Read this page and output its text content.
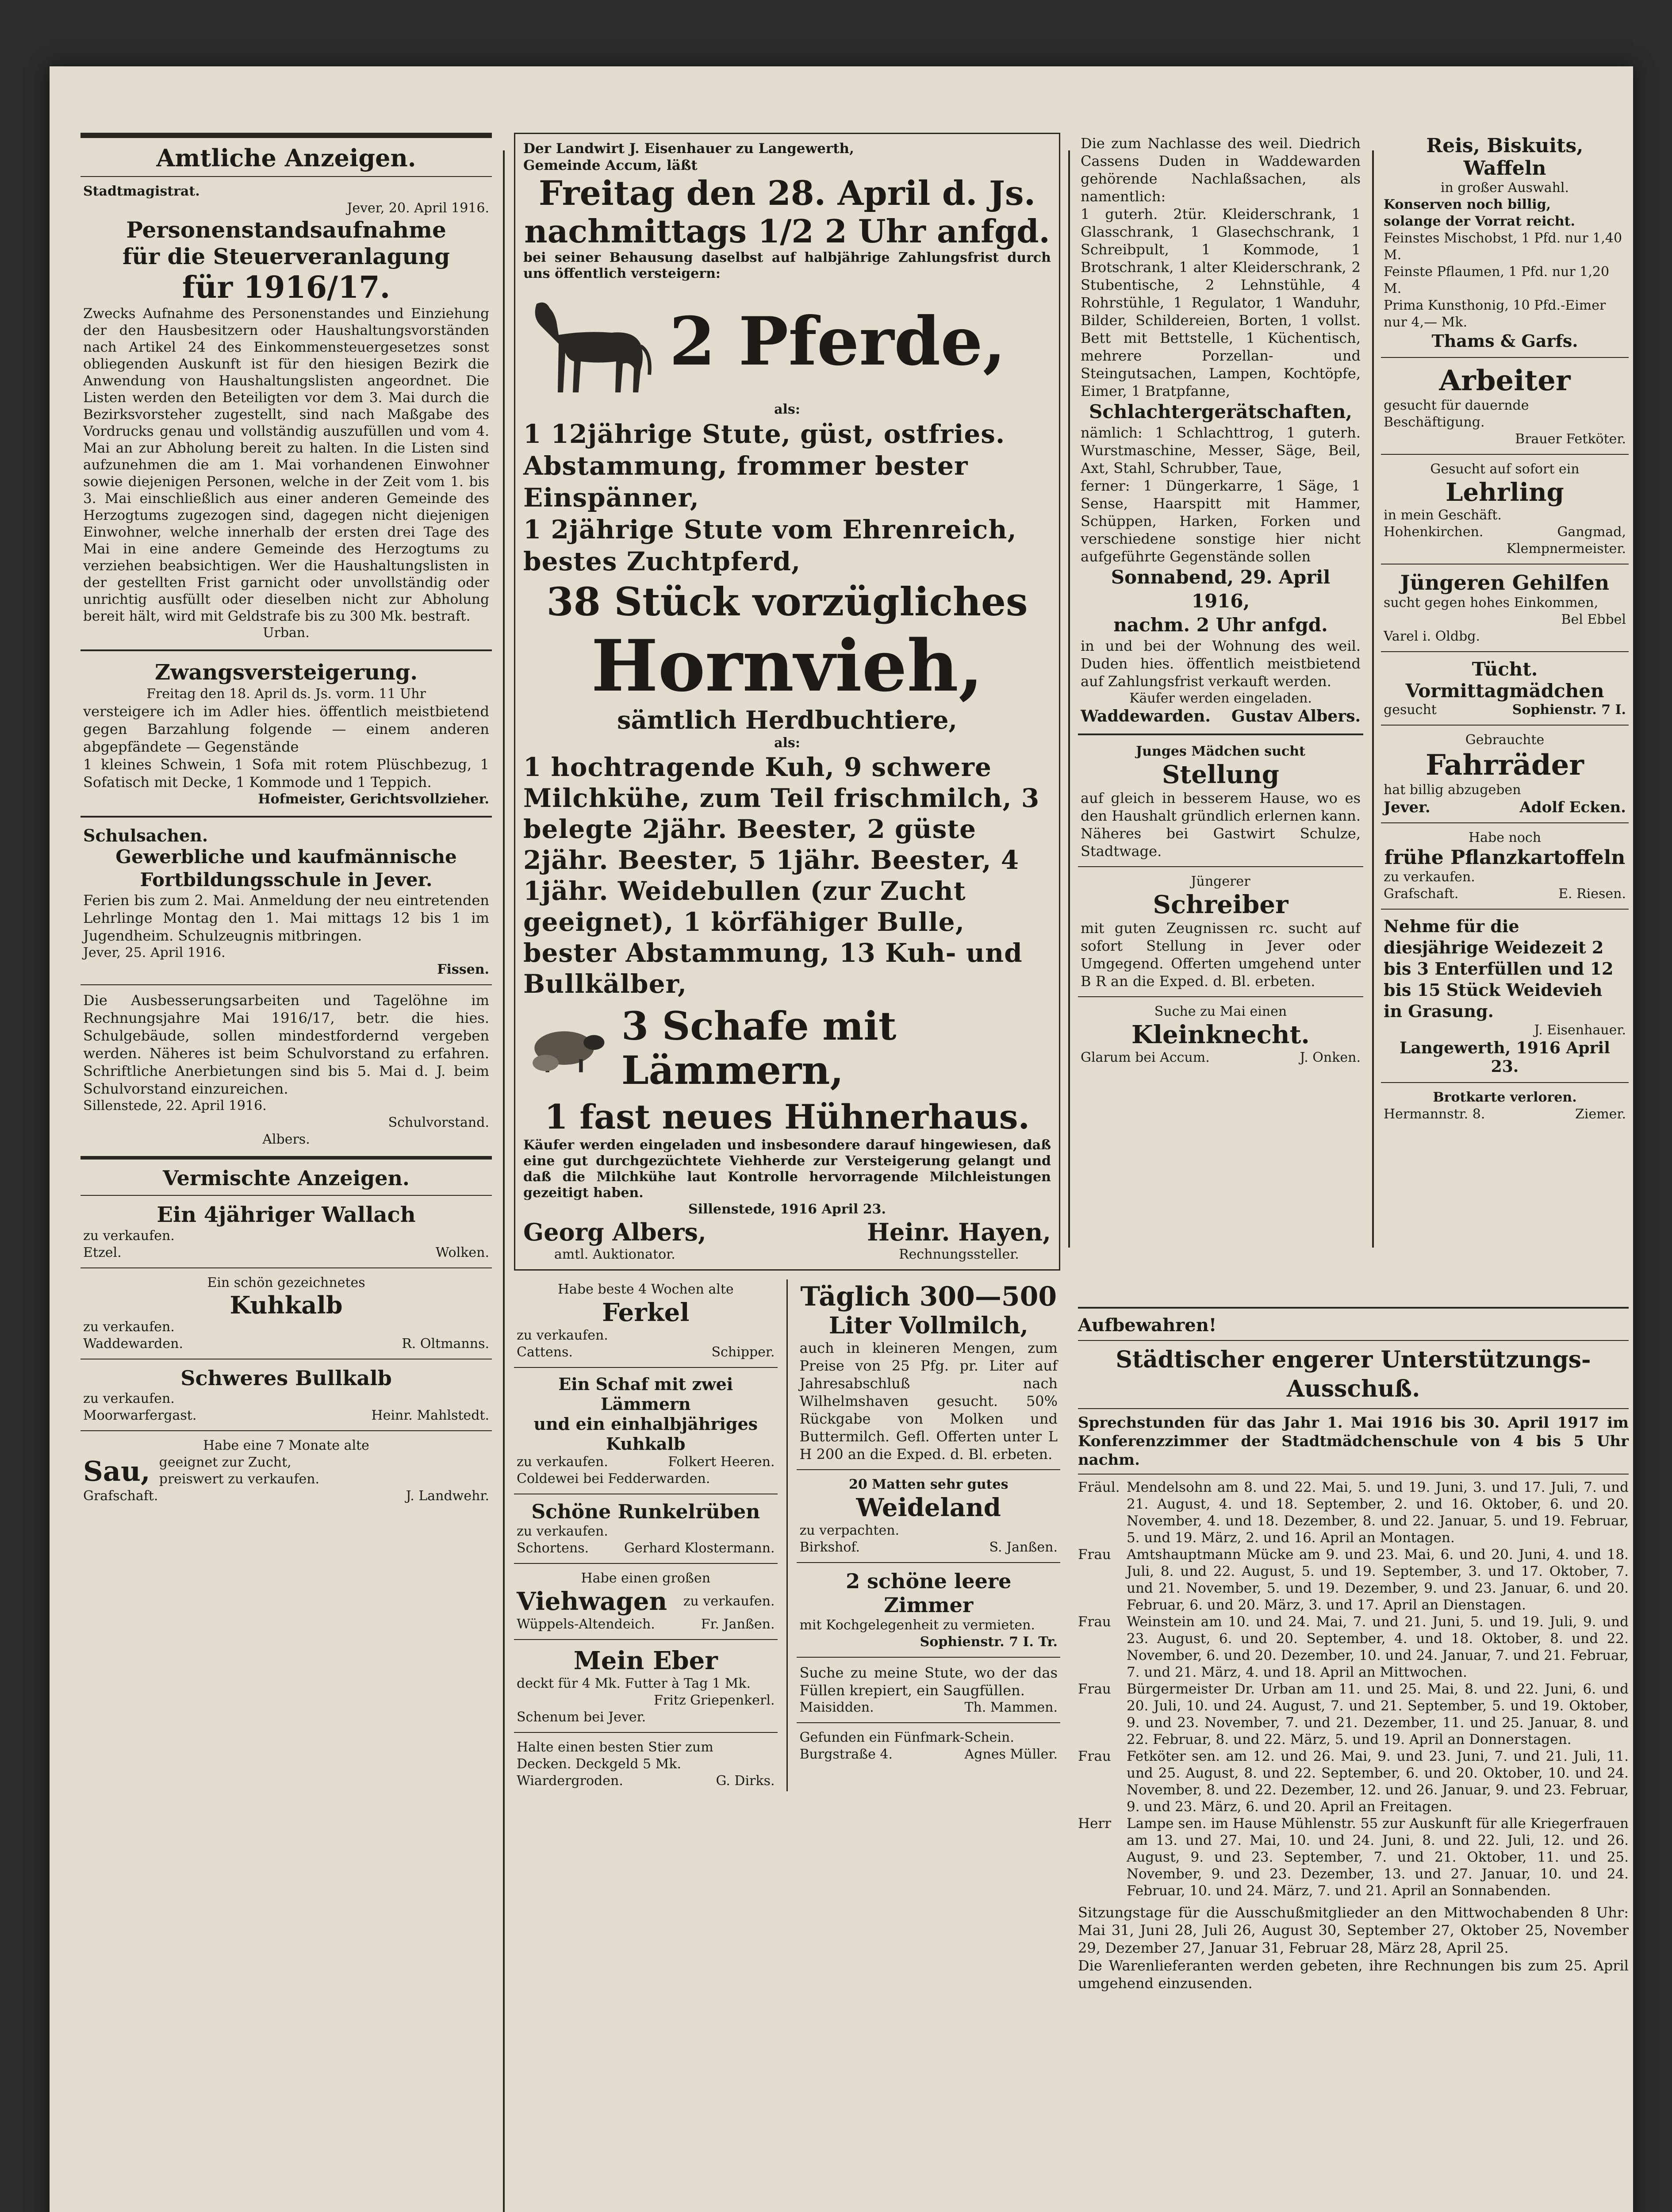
Amtliche Anzeigen.
Stadtmagistrat.
Jever, 20. April 1916.
Personenstandsaufnahme
für die Steuerveranlagung
für 1916/17.
Zwecks Aufnahme des Personenstandes und Einziehung der den Hausbesitzern oder Haushaltungsvorständen nach Artikel 24 des Einkommensteuergesetzes sonst obliegenden Auskunft ist für den hiesigen Bezirk die Anwendung von Haushaltungslisten angeordnet. Die Listen werden den Beteiligten vor dem 3. Mai durch die Bezirksvorsteher zugestellt, sind nach Maßgabe des Vordrucks genau und vollständig auszufüllen und vom 4. Mai an zur Abholung bereit zu halten. In die Listen sind aufzunehmen die am 1. Mai vorhandenen Einwohner sowie diejenigen Personen, welche in der Zeit vom 1. bis 3. Mai einschließlich aus einer anderen Gemeinde des Herzogtums zugezogen sind, dagegen nicht diejenigen Einwohner, welche innerhalb der ersten drei Tage des Mai in eine andere Gemeinde des Herzogtums zu verziehen beabsichtigen. Wer die Haushaltungslisten in der gestellten Frist garnicht oder unvollständig oder unrichtig ausfüllt oder dieselben nicht zur Abholung bereit hält, wird mit Geldstrafe bis zu 300 Mk. bestraft.
Urban.
Zwangsversteigerung.
Freitag den 18. April ds. Js. vorm. 11 Uhr
versteigere ich im Adler hies. öffentlich meistbietend gegen Barzahlung folgende — einem anderen abgepfändete — Gegenstände
1 kleines Schwein, 1 Sofa mit rotem Plüschbezug, 1 Sofatisch mit Decke, 1 Kommode und 1 Teppich.
Hofmeister, Gerichtsvollzieher.
Schulsachen.
Gewerbliche und kaufmännische
Fortbildungsschule in Jever.
Ferien bis zum 2. Mai. Anmeldung der neu eintretenden Lehrlinge Montag den 1. Mai mittags 12 bis 1 im Jugendheim. Schulzeugnis mitbringen.
Jever, 25. April 1916.
Fissen.
Die Ausbesserungsarbeiten und Tagelöhne im Rechnungsjahre Mai 1916/17, betr. die hies. Schulgebäude, sollen mindestfordernd vergeben werden. Näheres ist beim Schulvorstand zu erfahren. Schriftliche Anerbietungen sind bis 5. Mai d. J. beim Schulvorstand einzureichen.
Sillenstede, 22. April 1916.
Schulvorstand.
Albers.
Vermischte Anzeigen.
Ein 4jähriger Wallach
zu verkaufen.
Etzel.	Wolken.
Ein schön gezeichnetes
Kuhkalb
zu verkaufen.
Waddewarden.	R. Oltmanns.
Schweres Bullkalb
zu verkaufen.
Moorwarfergast.	Heinr. Mahlstedt.
Habe eine 7 Monate alte
Sau, geeignet zur Zucht,
preiswert zu verkaufen.
Grafschaft.	J. Landwehr.
Der Landwirt J. Eisenhauer zu Langewerth,
Gemeinde Accum, läßt
Freitag den 28. April d. Js.
nachmittags 1/2 2 Uhr anfgd.
bei seiner Behausung daselbst auf halbjährige Zahlungsfrist durch uns öffentlich versteigern:
2 Pferde,
als:
1 12jährige Stute, güst, ostfries. Abstammung, frommer bester Einspänner,
1 2jährige Stute vom Ehrenreich, bestes Zuchtpferd,
38 Stück vorzügliches
Hornvieh,
sämtlich Herdbuchtiere,
als:
1 hochtragende Kuh, 9 schwere Milchkühe, zum Teil frischmilch, 3 belegte 2jähr. Beester, 2 güste 2jähr. Beester, 5 1jähr. Beester, 4 1jähr. Weidebullen (zur Zucht geeignet), 1 körfähiger Bulle, bester Abstammung, 13 Kuh- und Bullkälber,
3 Schafe mit Lämmern,
1 fast neues Hühnerhaus.
Käufer werden eingeladen und insbesondere darauf hingewiesen, daß eine gut durchgezüchtete Viehherde zur Versteigerung gelangt und daß die Milchkühe laut Kontrolle hervorragende Milchleistungen gezeitigt haben.
Sillenstede, 1916 April 23.
Georg Albers,
amtl. Auktionator.
Heinr. Hayen,
Rechnungssteller.
Habe beste 4 Wochen alte
Ferkel
zu verkaufen.
Cattens.	Schipper.
Ein Schaf mit zwei Lämmern
und ein einhalbjähriges Kuhkalb
zu verkaufen.	Folkert Heeren.
Coldewei bei Fedderwarden.
Schöne Runkelrüben
zu verkaufen.
Schortens.	Gerhard Klostermann.
Habe einen großen
Viehwagen zu verkaufen.
Wüppels-Altendeich.	Fr. Janßen.
Mein Eber
deckt für 4 Mk. Futter à Tag 1 Mk.
Fritz Griepenkerl.
Schenum bei Jever.
Halte einen besten Stier zum
Decken. Deckgeld 5 Mk.
Wiardergroden.	G. Dirks.
Täglich 300—500
Liter Vollmilch,
auch in kleineren Mengen, zum Preise von 25 Pfg. pr. Liter auf Jahresabschluß nach Wilhelmshaven gesucht. 50% Rückgabe von Molken und Buttermilch. Gefl. Offerten unter L H 200 an die Exped. d. Bl. erbeten.
20 Matten sehr gutes
Weideland
zu verpachten.
Birkshof.	S. Janßen.
2 schöne leere Zimmer
mit Kochgelegenheit zu vermieten.
Sophienstr. 7 I. Tr.
Suche zu meine Stute, wo der das Füllen krepiert, ein Saugfüllen.
Maisidden.	Th. Mammen.
Gefunden ein Fünfmark-Schein.
Burgstraße 4.	Agnes Müller.
Die zum Nachlasse des weil. Diedrich Cassens Duden in Waddewarden gehörende Nachlaßsachen, als namentlich:
1 guterh. 2tür. Kleiderschrank, 1 Glasschrank, 1 Glasechschrank, 1 Schreibpult, 1 Kommode, 1 Brotschrank, 1 alter Kleiderschrank, 2 Stubentische, 2 Lehnstühle, 4 Rohrstühle, 1 Regulator, 1 Wanduhr, Bilder, Schildereien, Borten, 1 vollst. Bett mit Bettstelle, 1 Küchentisch, mehrere Porzellan- und Steingutsachen, Lampen, Kochtöpfe, Eimer, 1 Bratpfanne,
Schlachtergerätschaften,
nämlich: 1 Schlachttrog, 1 guterh. Wurstmaschine, Messer, Säge, Beil, Axt, Stahl, Schrubber, Taue,
ferner: 1 Düngerkarre, 1 Säge, 1 Sense, Haarspitt mit Hammer, Schüppen, Harken, Forken und verschiedene sonstige hier nicht aufgeführte Gegenstände sollen
Sonnabend, 29. April 1916,
nachm. 2 Uhr anfgd.
in und bei der Wohnung des weil. Duden hies. öffentlich meistbietend auf Zahlungsfrist verkauft werden.
Käufer werden eingeladen.
Waddewarden. Gustav Albers.
Junges Mädchen sucht
Stellung
auf gleich in besserem Hause, wo es den Haushalt gründlich erlernen kann. Näheres bei Gastwirt Schulze, Stadtwage.
Jüngerer
Schreiber
mit guten Zeugnissen rc. sucht auf sofort Stellung in Jever oder Umgegend. Offerten umgehend unter B R an die Exped. d. Bl. erbeten.
Suche zu Mai einen
Kleinknecht.
Glarum bei Accum.	J. Onken.
Reis, Biskuits, Waffeln
in großer Auswahl.
Konserven noch billig,
solange der Vorrat reicht.
Feinstes Mischobst, 1 Pfd. nur 1,40 M.
Feinste Pflaumen, 1 Pfd. nur 1,20 M.
Prima Kunsthonig, 10 Pfd.-Eimer nur 4,— Mk.
Thams & Garfs.
Arbeiter
gesucht für dauernde Beschäftigung.
Brauer Fetköter.
Gesucht auf sofort ein
Lehrling
in mein Geschäft.
Hohenkirchen.	Gangmad,
Klempnermeister.
Jüngeren Gehilfen
sucht gegen hohes Einkommen,
Bel Ebbel
Varel i. Oldbg.
Tücht. Vormittagmädchen
gesucht	Sophienstr. 7 I.
Gebrauchte
Fahrräder
hat billig abzugeben
Jever.	Adolf Ecken.
Habe noch
frühe Pflanzkartoffeln
zu verkaufen.
Grafschaft.	E. Riesen.
Nehme für die diesjährige Weidezeit 2 bis 3 Enterfüllen und 12 bis 15 Stück Weidevieh in Grasung.
J. Eisenhauer.
Langewerth, 1916 April 23.
Brotkarte verloren.
Hermannstr. 8.	Ziemer.
Aufbewahren!
Städtischer engerer Unterstützungs-Ausschuß.
Sprechstunden für das Jahr 1. Mai 1916 bis 30. April 1917 im Konferenzzimmer der Stadtmädchenschule von 4 bis 5 Uhr nachm.
Fräul. Mendelsohn am 8. und 22. Mai, 5. und 19. Juni, 3. und 17. Juli, 7. und 21. August, 4. und 18. September, 2. und 16. Oktober, 6. und 20. November, 4. und 18. Dezember, 8. und 22. Januar, 5. und 19. Februar, 5. und 19. März, 2. und 16. April an Montagen.
Frau	Amtshauptmann Mücke am 9. und 23. Mai, 6. und 20. Juni, 4. und 18. Juli, 8. und 22. August, 5. und 19. September, 3. und 17. Oktober, 7. und 21. November, 5. und 19. Dezember, 9. und 23. Januar, 6. und 20. Februar, 6. und 20. März, 3. und 17. April an Dienstagen.
Frau	Weinstein am 10. und 24. Mai, 7. und 21. Juni, 5. und 19. Juli, 9. und 23. August, 6. und 20. September, 4. und 18. Oktober, 8. und 22. November, 6. und 20. Dezember, 10. und 24. Januar, 7. und 21. Februar, 7. und 21. März, 4. und 18. April an Mittwochen.
Frau	Bürgermeister Dr. Urban am 11. und 25. Mai, 8. und 22. Juni, 6. und 20. Juli, 10. und 24. August, 7. und 21. September, 5. und 19. Oktober, 9. und 23. November, 7. und 21. Dezember, 11. und 25. Januar, 8. und 22. Februar, 8. und 22. März, 5. und 19. April an Donnerstagen.
Frau	Fetköter sen. am 12. und 26. Mai, 9. und 23. Juni, 7. und 21. Juli, 11. und 25. August, 8. und 22. September, 6. und 20. Oktober, 10. und 24. November, 8. und 22. Dezember, 12. und 26. Januar, 9. und 23. Februar, 9. und 23. März, 6. und 20. April an Freitagen.
Herr	Lampe sen. im Hause Mühlenstr. 55 zur Auskunft für alle Kriegerfrauen am 13. und 27. Mai, 10. und 24. Juni, 8. und 22. Juli, 12. und 26. August, 9. und 23. September, 7. und 21. Oktober, 11. und 25. November, 9. und 23. Dezember, 13. und 27. Januar, 10. und 24. Februar, 10. und 24. März, 7. und 21. April an Sonnabenden.
Sitzungstage für die Ausschußmitglieder an den Mittwochabenden 8 Uhr: Mai 31, Juni 28, Juli 26, August 30, September 27, Oktober 25, November 29, Dezember 27, Januar 31, Februar 28, März 28, April 25.
Die Warenlieferanten werden gebeten, ihre Rechnungen bis zum 25. April umgehend einzusenden.
